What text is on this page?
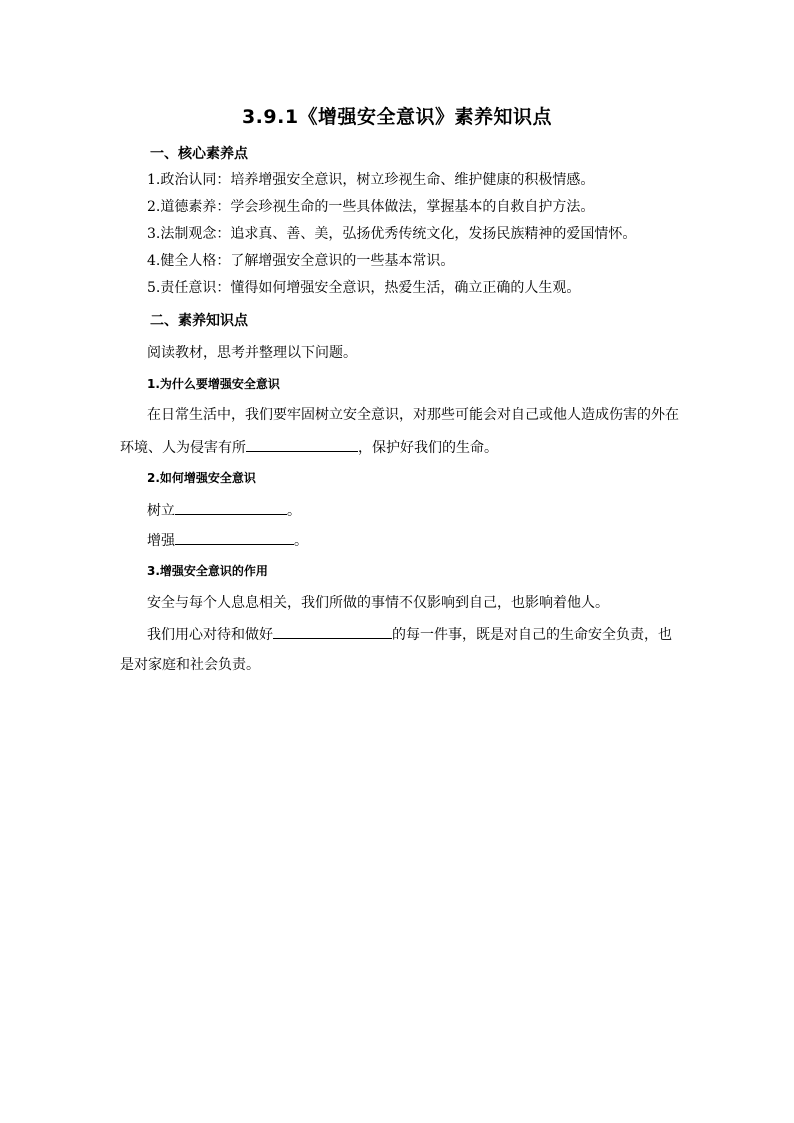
3.9.1《增强安全意识》素养知识点
一、核心素养点
1.政治认同：培养增强安全意识，树立珍视生命、维护健康的积极情感。
2.道德素养：学会珍视生命的一些具体做法，掌握基本的自救自护方法。
3.法制观念：追求真、善、美，弘扬优秀传统文化，发扬民族精神的爱国情怀。
4.健全人格：了解增强安全意识的一些基本常识。
5.责任意识：懂得如何增强安全意识，热爱生活，确立正确的人生观。
二、素养知识点
阅读教材，思考并整理以下问题。
1.为什么要增强安全意识
在日常生活中，我们要牢固树立安全意识，对那些可能会对自己或他人造成伤害的外在
环境、人为侵害有所	，保护好我们的生命。
2.如何增强安全意识
树立	。
增强	。
3.增强安全意识的作用
安全与每个人息息相关，我们所做的事情不仅影响到自己，也影响着他人。
我们用心对待和做好	的每一件事，既是对自己的生命安全负责，也
是对家庭和社会负责。
